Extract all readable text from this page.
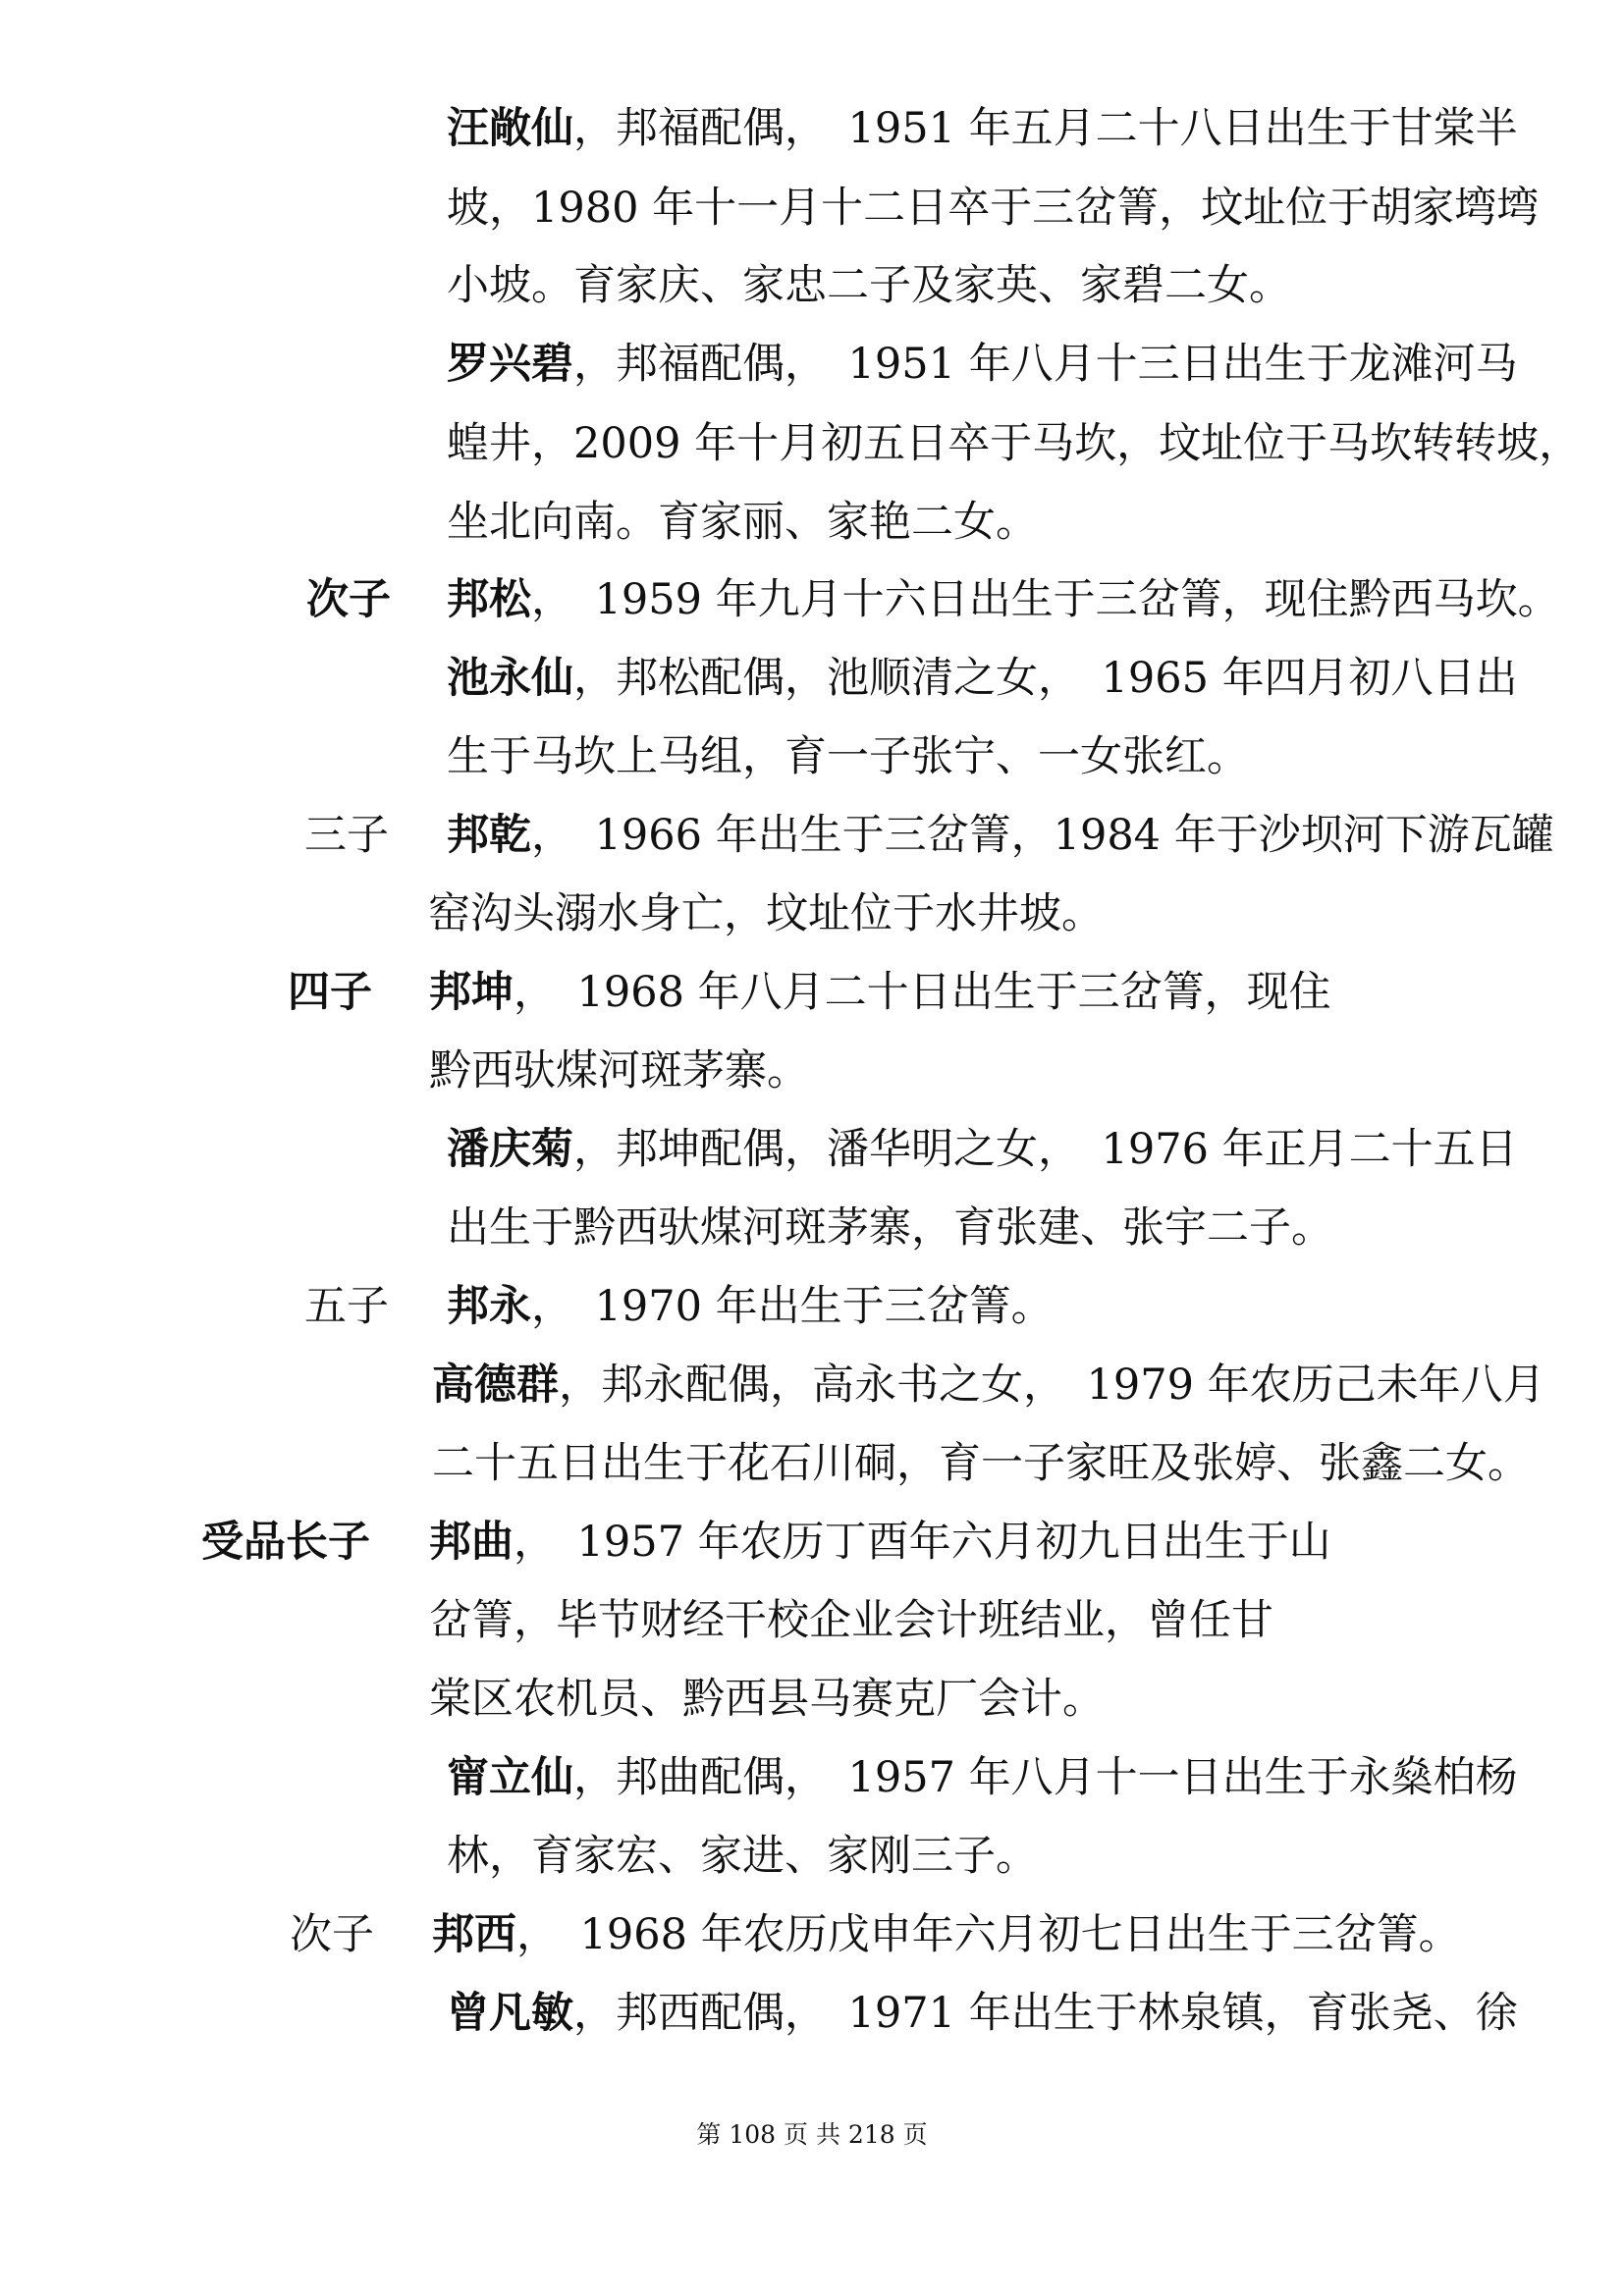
汪敞仙，邦福配偶，　1951 年五月二十八日出生于甘棠半
坡，1980 年十一月十二日卒于三岔箐，坟址位于胡家塆塆
小坡。育家庆、家忠二子及家英、家碧二女。
罗兴碧，邦福配偶，　1951 年八月十三日出生于龙滩河马
蝗井，2009 年十月初五日卒于马坎，坟址位于马坎转转坡，
坐北向南。育家丽、家艳二女。
次子 邦松，　1959 年九月十六日出生于三岔箐，现住黔西马坎。
池永仙，邦松配偶，池顺清之女，　1965 年四月初八日出
生于马坎上马组，育一子张宁、一女张红。
三子 邦乾，　1966 年出生于三岔箐，1984 年于沙坝河下游瓦罐
窑沟头溺水身亡，坟址位于水井坡。
四子 邦坤，　1968 年八月二十日出生于三岔箐，现住
黔西驮煤河斑茅寨。
潘庆菊，邦坤配偶，潘华明之女，　1976 年正月二十五日
出生于黔西驮煤河斑茅寨，育张建、张宇二子。
五子 邦永，　1970 年出生于三岔箐。
高德群，邦永配偶，高永书之女，　1979 年农历己未年八月
二十五日出生于花石川硐，育一子家旺及张婷、张鑫二女。
受品长子 邦曲，　1957 年农历丁酉年六月初九日出生于山
岔箐，毕节财经干校企业会计班结业，曾任甘
棠区农机员、黔西县马赛克厂会计。
甯立仙，邦曲配偶，　1957 年八月十一日出生于永燊柏杨
林，育家宏、家进、家刚三子。
次子 邦西，　1968 年农历戊申年六月初七日出生于三岔箐。
曾凡敏，邦西配偶，　1971 年出生于林泉镇，育张尧、徐
第 108 页 共 218 页
